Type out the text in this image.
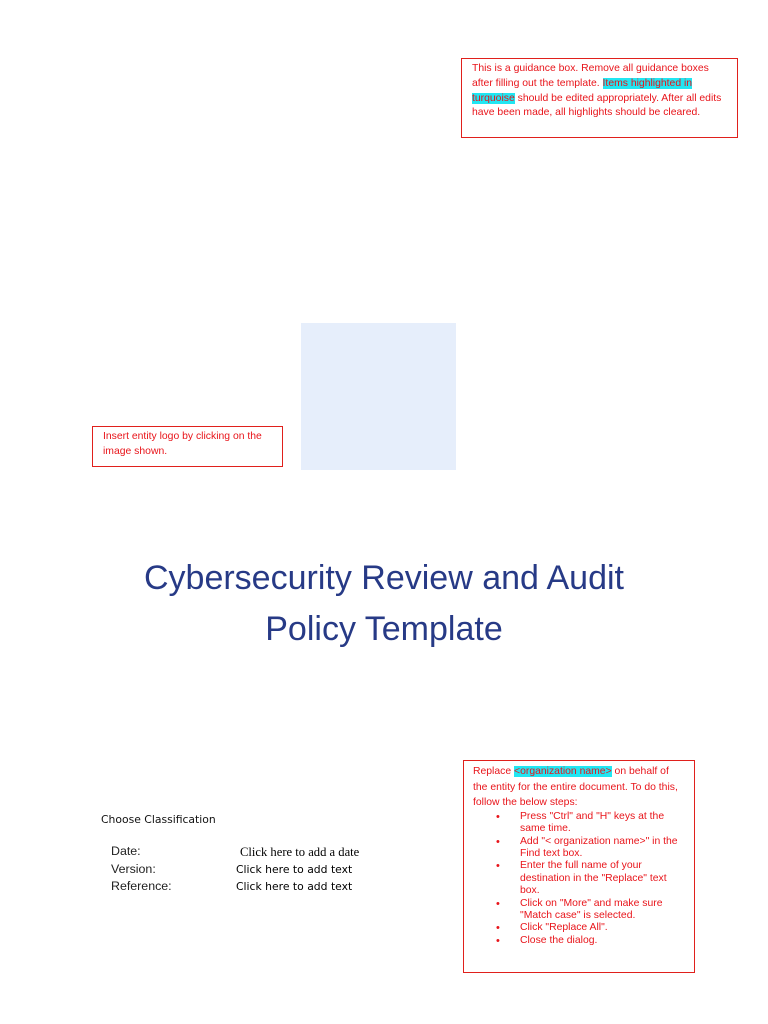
This is a guidance box. Remove all guidance boxes after filling out the template. Items highlighted in turquoise should be edited appropriately. After all edits have been made, all highlights should be cleared.
Insert entity logo by clicking on the image shown.
Cybersecurity Review and Audit
Policy Template
Choose Classification
Date:	Click here to add a date
Version:	Click here to add text
Reference:	Click here to add text
Replace <organization name> on behalf of the entity for the entire document. To do this, follow the below steps:
• Press "Ctrl" and "H" keys at the same time.
• Add "< organization name>" in the Find text box.
• Enter the full name of your destination in the "Replace" text box.
• Click on "More" and make sure "Match case" is selected.
• Click "Replace All".
• Close the dialog.
